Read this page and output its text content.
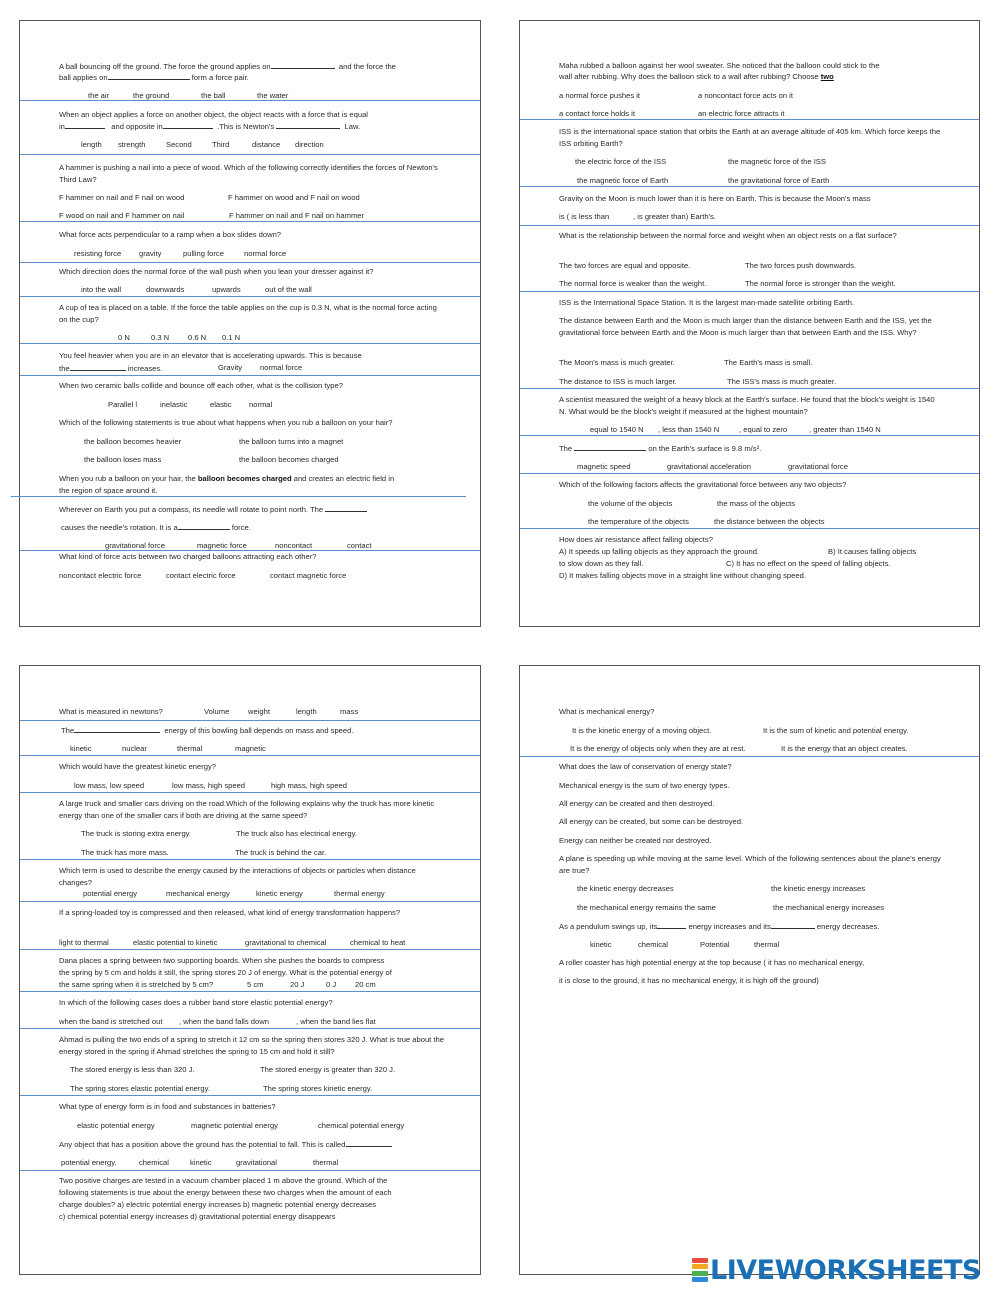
A ball bouncing off the ground. The force the ground applies on	and the force the
ball applies on	form a force pair.
the air	the ground	the ball	the water
When an object applies a force on another object, the object reacts with a force that is equal
in	and opposite in	.This is Newton's	Law.
length strength	Second	Third	distance direction
A hammer is pushing a nail into a piece of wood. Which of the following correctly identifies the forces of Newton's Third Law?
F hammer on nail and F nail on wood	F hammer on wood and F nail on wood
F wood on nail and F hammer on nail	F hammer on nail and F nail on hammer
What force acts perpendicular to a ramp when a box slides down?
resisting force gravity	pulling force	normal force
Which direction does the normal force of the wall push when you lean your dresser against it?
into the wall	downwards	upwards	out of the wall
A cup of tea is placed on a table. If the force the table applies on the cup is 0.3 N, what is the normal force acting on the cup?
0 N	0.3 N 0.6 N 0.1 N
You feel heavier when you are in an elevator that is accelerating upwards. This is because
the	increases.	Gravity normal force
When two ceramic balls collide and bounce off each other, what is the collision type?
Parallel l	inelastic	elastic normal
Which of the following statements is true about what happens when you rub a balloon on your hair?
the balloon becomes heavier	the balloon turns into a magnet
the balloon loses mass	the balloon becomes charged
When you rub a balloon on your hair, the balloon becomes charged and creates an electric field in
the region of space around it.
Wherever on Earth you put a compass, its needle will rotate to point north. The
causes the needle's rotation. It is a	force.
gravitational force	magnetic force	noncontact	contact
What kind of force acts between two charged balloons attracting each other?
noncontact electric force	contact electric force	contact magnetic force
Maha rubbed a balloon against her wool sweater. She noticed that the balloon could stick to the
wall after rubbing. Why does the balloon stick to a wall after rubbing? Choose two
a normal force pushes it	a noncontact force acts on it
a contact force holds it	an electric force attracts it
ISS is the international space station that orbits the Earth at an average altitude of 405 km. Which force keeps the ISS orbiting Earth?
the electric force of the ISS	the magnetic force of the ISS
the magnetic force of Earth	the gravitational force of Earth
Gravity on the Moon is much lower than it is here on Earth. This is because the Moon's mass
is ( is less than	, is greater than) Earth's.
What is the relationship between the normal force and weight when an object rests on a flat surface?
The two forces are equal and opposite.	The two forces push downwards.
The normal force is weaker than the weight.	The normal force is stronger than the weight.
ISS is the International Space Station. It is the largest man-made satellite orbiting Earth.
The distance between Earth and the Moon is much larger than the distance between Earth and the ISS, yet the gravitational force between Earth and the Moon is much larger than that between Earth and the ISS. Why?
The Moon's mass is much greater.	The Earth's mass is small.
The distance to ISS is much larger.	The ISS's mass is much greater.
A scientist measured the weight of a heavy block at the Earth's surface. He found that the block's weight is 1540 N. What would be the block's weight if measured at the highest mountain?
equal to 1540 N , less than 1540 N	, equal to zero	, greater than 1540 N
The	on the Earth's surface is 9.8 m/s².
magnetic speed	gravitational acceleration	gravitational force
Which of the following factors affects the gravitational force between any two objects?
the volume of the objects	the mass of the objects
the temperature of the objects	the distance between the objects
How does air resistance affect falling objects?
A) It speeds up falling objects as they approach the ground.	B) It causes falling objects
to slow down as they fall.	C) It has no effect on the speed of falling objects.
D) It makes falling objects move in a straight line without changing speed.
What is measured in newtons?	Volume weight	length	mass
The	energy of this bowling ball depends on mass and speed.
kinetic	nuclear	thermal	magnetic
Which would have the greatest kinetic energy?
low mass, low speed	low mass, high speed	high mass, high speed
A large truck and smaller cars driving on the road.Which of the following explains why the truck has more kinetic energy than one of the smaller cars if both are driving at the same speed?
The truck is storing extra energy.	The truck also has electrical energy.
The truck has more mass.	The truck is behind the car.
Which term is used to describe the energy caused by the interactions of objects or particles when distance changes?
potential energy	mechanical energy	kinetic energy	thermal energy
If a spring-loaded toy is compressed and then released, what kind of energy transformation happens?
light to thermal	elastic potential to kinetic	gravitational to chemical	chemical to heat
Dana places a spring between two supporting boards. When she pushes the boards to compress
the spring by 5 cm and holds it still, the spring stores 20 J of energy. What is the potential energy of
the same spring when it is stretched by 5 cm?	5 cm	20 J	0 J 20 cm
In which of the following cases does a rubber band store elastic potential energy?
when the band is stretched out , when the band falls down	, when the band lies flat
Ahmad is pulling the two ends of a spring to stretch it 12 cm so the spring then stores 320 J. What is true about the energy stored in the spring if Ahmad stretches the spring to 15 cm and hold it still?
The stored energy is less than 320 J.	The stored energy is greater than 320 J.
The spring stores elastic potential energy.	The spring stores kinetic energy.
What type of energy form is in food and substances in batteries?
elastic potential energy	magnetic potential energy	chemical potential energy
Any object that has a position above the ground has the potential to fall. This is called
potential energy.	chemical	kinetic	gravitational	thermal
Two positive charges are tested in a vacuum chamber placed 1 m above the ground. Which of the
following statements is true about the energy between these two charges when the amount of each
charge doubles? a) electric potential energy increases b) magnetic potential energy decreases
c) chemical potential energy increases d) gravitational potential energy disappears
What is mechanical energy?
It is the kinetic energy of a moving object.	It is the sum of kinetic and potential energy.
It is the energy of objects only when they are at rest.	It is the energy that an object creates.
What does the law of conservation of energy state?
Mechanical energy is the sum of two energy types.
All energy can be created and then destroyed.
All energy can be created, but some can be destroyed.
Energy can neither be created nor destroyed.
A plane is speeding up while moving at the same level. Which of the following sentences about the plane's energy are true?
the kinetic energy decreases	the kinetic energy increases
the mechanical energy remains the same	the mechanical energy increases
As a pendulum swings up, its	energy increases and its	energy decreases.
kinetic	chemical	Potential	thermal
A roller coaster has high potential energy at the top because ( it has no mechanical energy,
it is close to the ground, it has no mechanical energy, it is high off the ground)
LIVEWORKSHEETS
